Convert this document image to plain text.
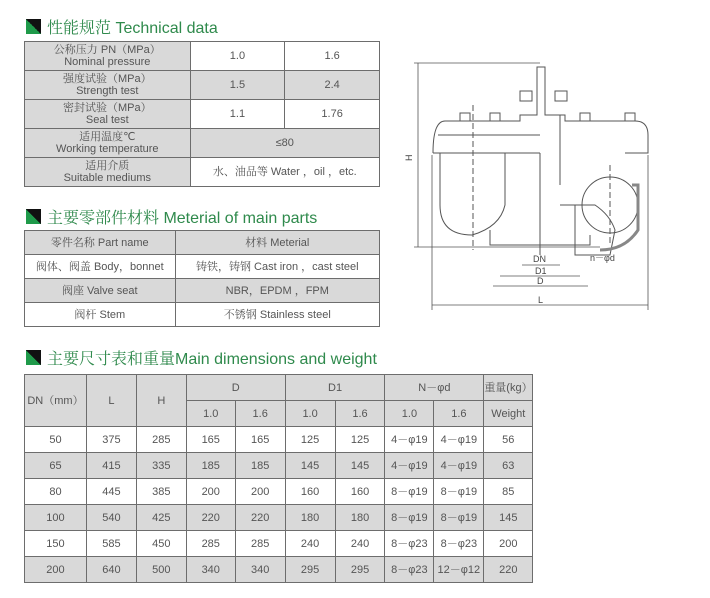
性能规范 Technical data
公称压力 PN（MPa）
Nominal pressure	1.0	1.6

强度试验（MPa）
Strength test	1.5	2.4

密封试验（MPa）
Seal test	1.1	1.76

适用温度℃
Working temperature	≤80	

适用介质
Suitable mediums	水、油品等 Water ，oil ，etc.	
主要零部件材料 Meterial of main parts
零件名称 Part name	材料 Meterial
阀体、阀盖 Body，bonnet	铸铁，铸钢 Cast iron ，cast steel
阀座 Valve seat	NBR，EPDM ，FPM
阀杆 Stem	不锈钢 Stainless steel
主要尺寸表和重量Main dimensions and weight
DN（mm）	L	H	D		D1		N－φd		重量(kg）
			1.0	1.6	1.0	1.6	1.0	1.6	Weight
50	375	285	165	165	125	125	4－φ19	4－φ19	56
65	415	335	185	185	145	145	4－φ19	4－φ19	63
80	445	385	200	200	160	160	8－φ19	8－φ19	85
100	540	425	220	220	180	180	8－φ19	8－φ19	145
150	585	450	285	285	240	240	8－φ23	8－φ23	200
200	640	500	340	340	295	295	8－φ23	12－φ12	220
H
DN
D1
D
L
n－φd
